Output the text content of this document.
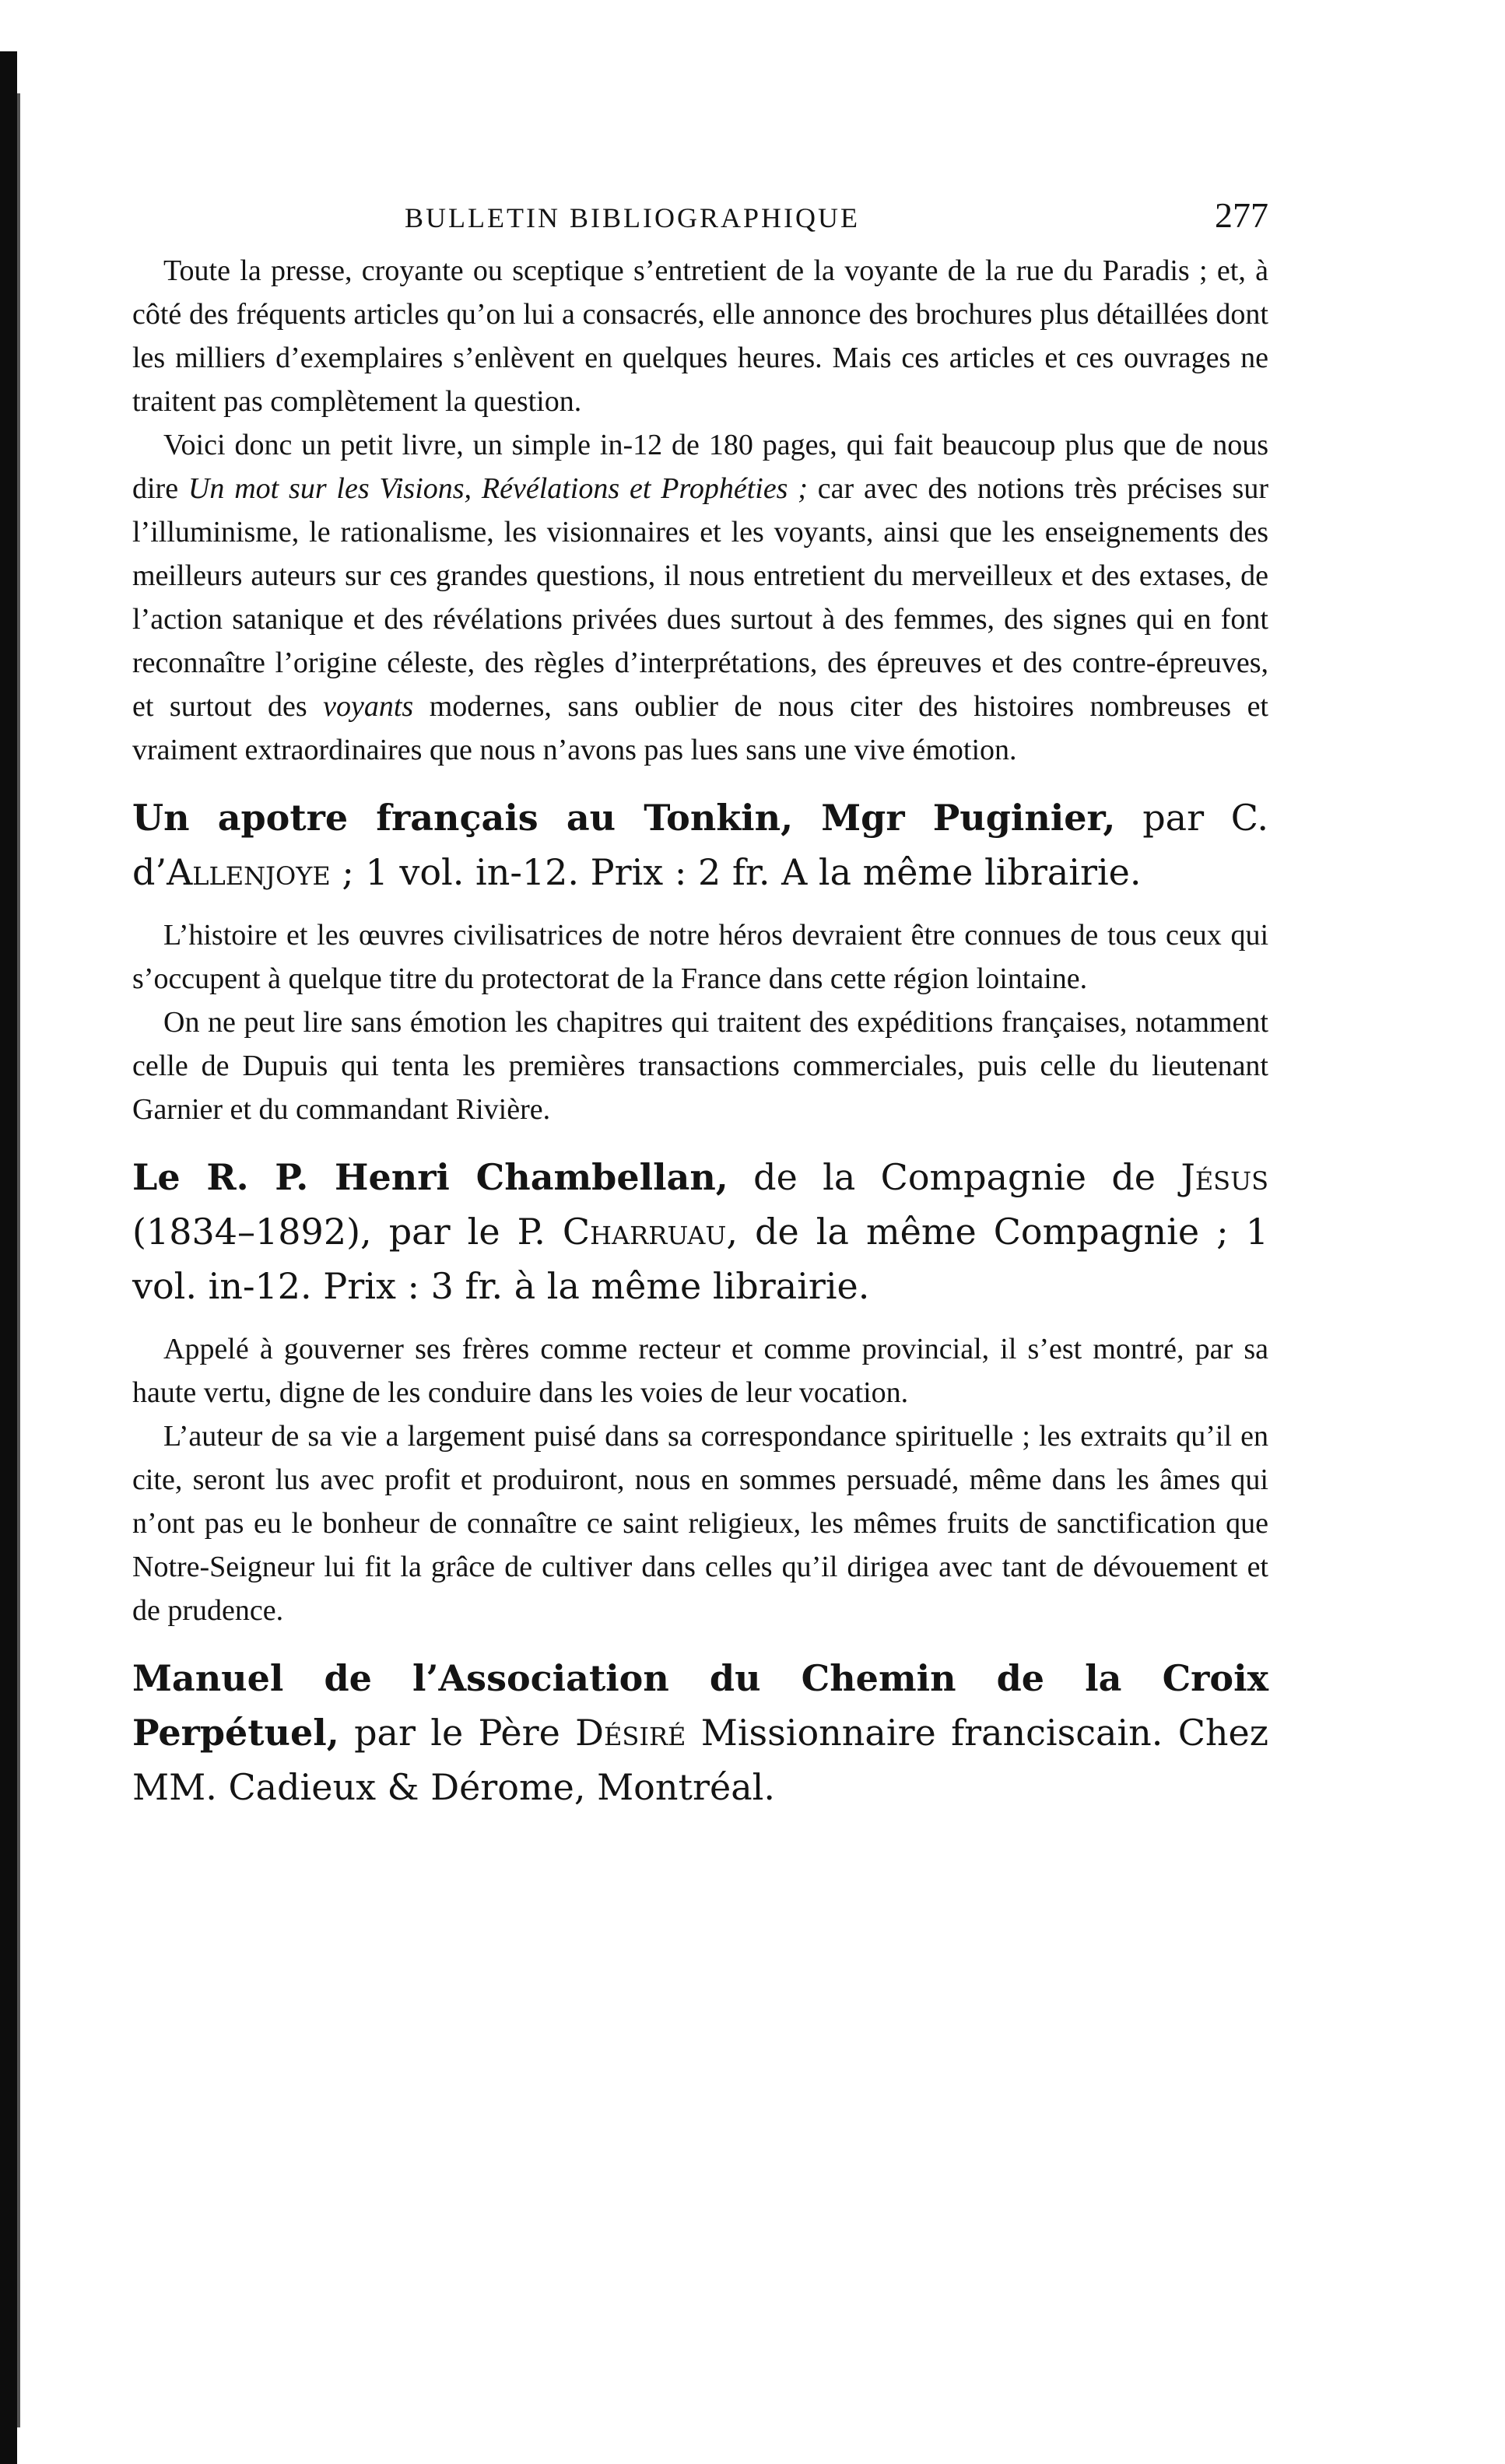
BULLETIN BIBLIOGRAPHIQUE	277

Toute la presse, croyante ou sceptique s’entretient de la voyante de la rue du Paradis ; et, à côté des fréquents articles qu’on lui a consacrés, elle annonce des brochures plus détaillées dont les milliers d’exemplaires s’enlèvent en quelques heures. Mais ces articles et ces ouvrages ne traitent pas complètement la question.

Voici donc un petit livre, un simple in-12 de 180 pages, qui fait beaucoup plus que de nous dire Un mot sur les Visions, Révélations et Prophéties ; car avec des notions très précises sur l’illuminisme, le rationalisme, les visionnaires et les voyants, ainsi que les enseignements des meilleurs auteurs sur ces grandes questions, il nous entretient du merveilleux et des extases, de l’action satanique et des révélations privées dues surtout à des femmes, des signes qui en font reconnaître l’origine céleste, des règles d’interprétations, des épreuves et des contre-épreuves, et surtout des voyants modernes, sans oublier de nous citer des histoires nombreuses et vraiment extraordinaires que nous n’avons pas lues sans une vive émotion.

Un apotre français au Tonkin, Mgr Puginier, par C. d’Allenjoye ; 1 vol. in-12. Prix : 2 fr. A la même librairie.

L’histoire et les œuvres civilisatrices de notre héros devraient être connues de tous ceux qui s’occupent à quelque titre du protectorat de la France dans cette région lointaine.

On ne peut lire sans émotion les chapitres qui traitent des expéditions françaises, notamment celle de Dupuis qui tenta les premières transactions commerciales, puis celle du lieutenant Garnier et du commandant Rivière.

Le R. P. Henri Chambellan, de la Compagnie de Jésus (1834–1892), par le P. Charruau, de la même Compagnie ; 1 vol. in-12. Prix : 3 fr. à la même librairie.

Appelé à gouverner ses frères comme recteur et comme provincial, il s’est montré, par sa haute vertu, digne de les conduire dans les voies de leur vocation.

L’auteur de sa vie a largement puisé dans sa correspondance spirituelle ; les extraits qu’il en cite, seront lus avec profit et produiront, nous en sommes persuadé, même dans les âmes qui n’ont pas eu le bonheur de connaître ce saint religieux, les mêmes fruits de sanctification que Notre-Seigneur lui fit la grâce de cultiver dans celles qu’il dirigea avec tant de dévouement et de prudence.

Manuel de l’Association du Chemin de la Croix Perpétuel, par le Père Désiré Missionnaire franciscain. Chez MM. Cadieux & Dérome, Montréal.
